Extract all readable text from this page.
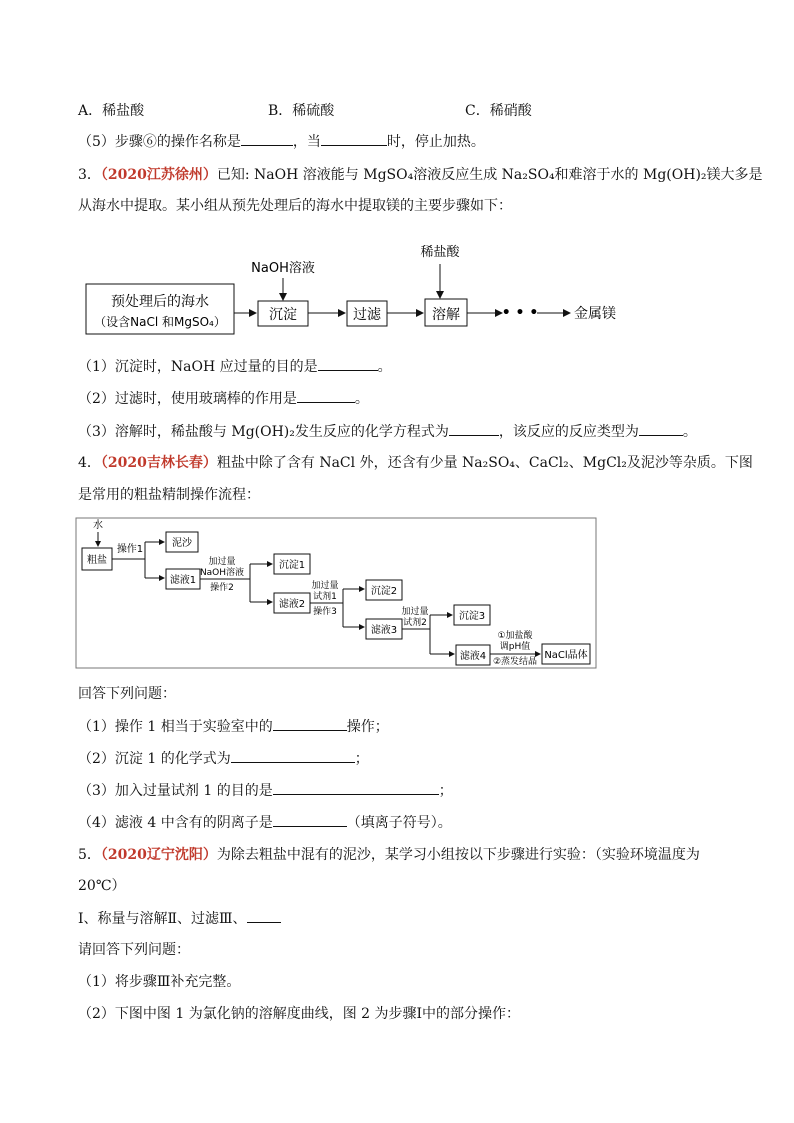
A．稀盐酸	B．稀硫酸	C．稀硝酸
（5）步骤⑥的操作名称是	，当	时，停止加热。
3．（2020江苏徐州）已知: NaOH 溶液能与 MgSO₄溶液反应生成 Na₂SO₄和难溶于水的 Mg(OH)₂镁大多是
从海水中提取。某小组从预先处理后的海水中提取镁的主要步骤如下：
预处理后的海水
（设含NaCl 和MgSO₄）
NaOH溶液
沉淀	过滤
稀盐酸
溶解	• • •	金属镁
（1）沉淀时，NaOH 应过量的目的是	。
（2）过滤时，使用玻璃棒的作用是	。
（3）溶解时，稀盐酸与 Mg(OH)₂发生反应的化学方程式为	，该反应的反应类型为	。
4．（2020吉林长春）粗盐中除了含有 NaCl 外，还含有少量 Na₂SO₄、CaCl₂、MgCl₂及泥沙等杂质。下图
是常用的粗盐精制操作流程：
水
粗盐
操作1
泥沙
滤液1
加过量
NaOH溶液
操作2
沉淀1
滤液2
加过量
试剂1
操作3
沉淀2
滤液3
加过量
试剂2
沉淀3
滤液4
①加盐酸
调pH值
②蒸发结晶
NaCl晶体
回答下列问题：
（1）操作 1 相当于实验室中的	操作；
（2）沉淀 1 的化学式为	；
（3）加入过量试剂 1 的目的是	；
（4）滤液 4 中含有的阴离子是	（填离子符号）。
5．（2020辽宁沈阳）为除去粗盐中混有的泥沙，某学习小组按以下步骤进行实验：（实验环境温度为
20℃）
Ⅰ、称量与溶解Ⅱ、过滤Ⅲ、
请回答下列问题：
（1）将步骤Ⅲ补充完整。
（2）下图中图 1 为氯化钠的溶解度曲线，图 2 为步骤Ⅰ中的部分操作：
